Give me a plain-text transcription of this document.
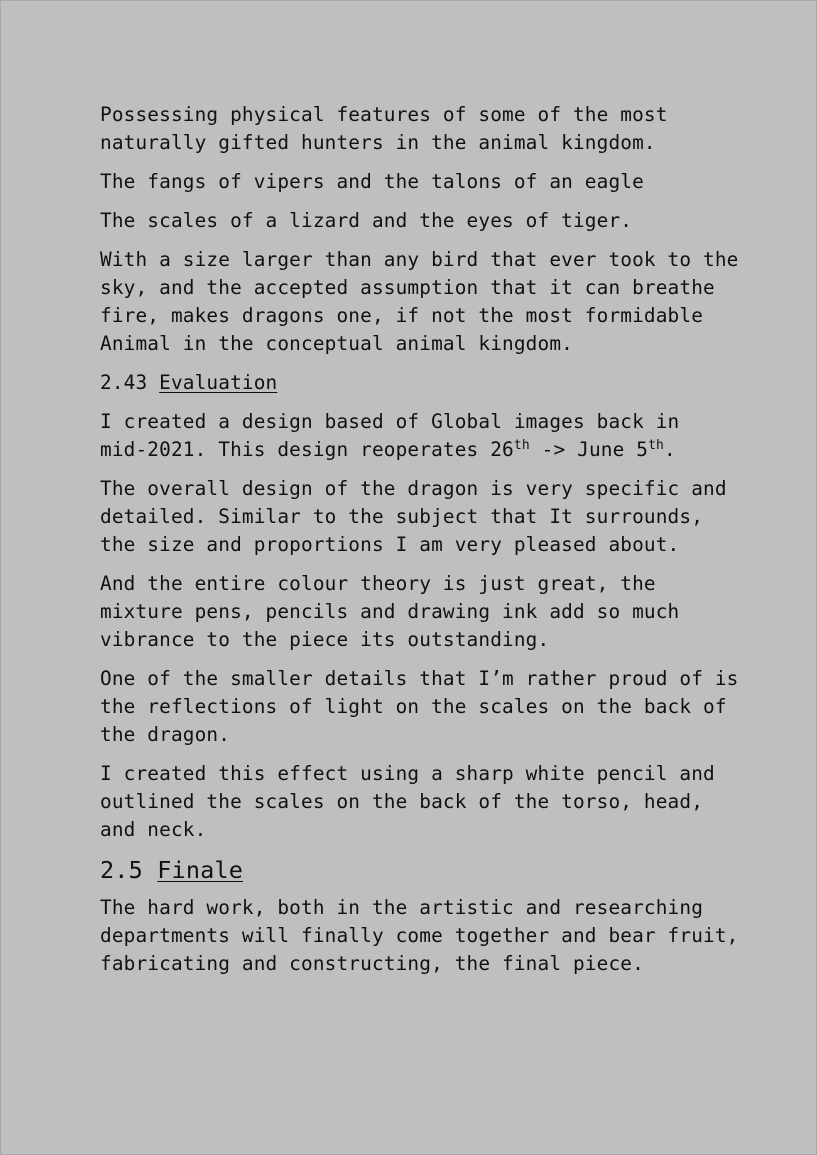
Possessing physical features of some of the most naturally gifted hunters in the animal kingdom.

The fangs of vipers and the talons of an eagle

The scales of a lizard and the eyes of tiger.

With a size larger than any bird that ever took to the sky, and the accepted assumption that it can breathe fire, makes dragons one, if not the most formidable Animal in the conceptual animal kingdom.

2.43 Evaluation

I created a design based of Global images back in
mid-2021. This design reoperates 26th -> June 5th.

The overall design of the dragon is very specific and detailed. Similar to the subject that It surrounds, the size and proportions I am very pleased about.

And the entire colour theory is just great, the mixture pens, pencils and drawing ink add so much vibrance to the piece its outstanding.

One of the smaller details that I’m rather proud of is the reflections of light on the scales on the back of the dragon.

I created this effect using a sharp white pencil and outlined the scales on the back of the torso, head, and neck.

2.5 Finale

The hard work, both in the artistic and researching departments will finally come together and bear fruit, fabricating and constructing, the final piece.
